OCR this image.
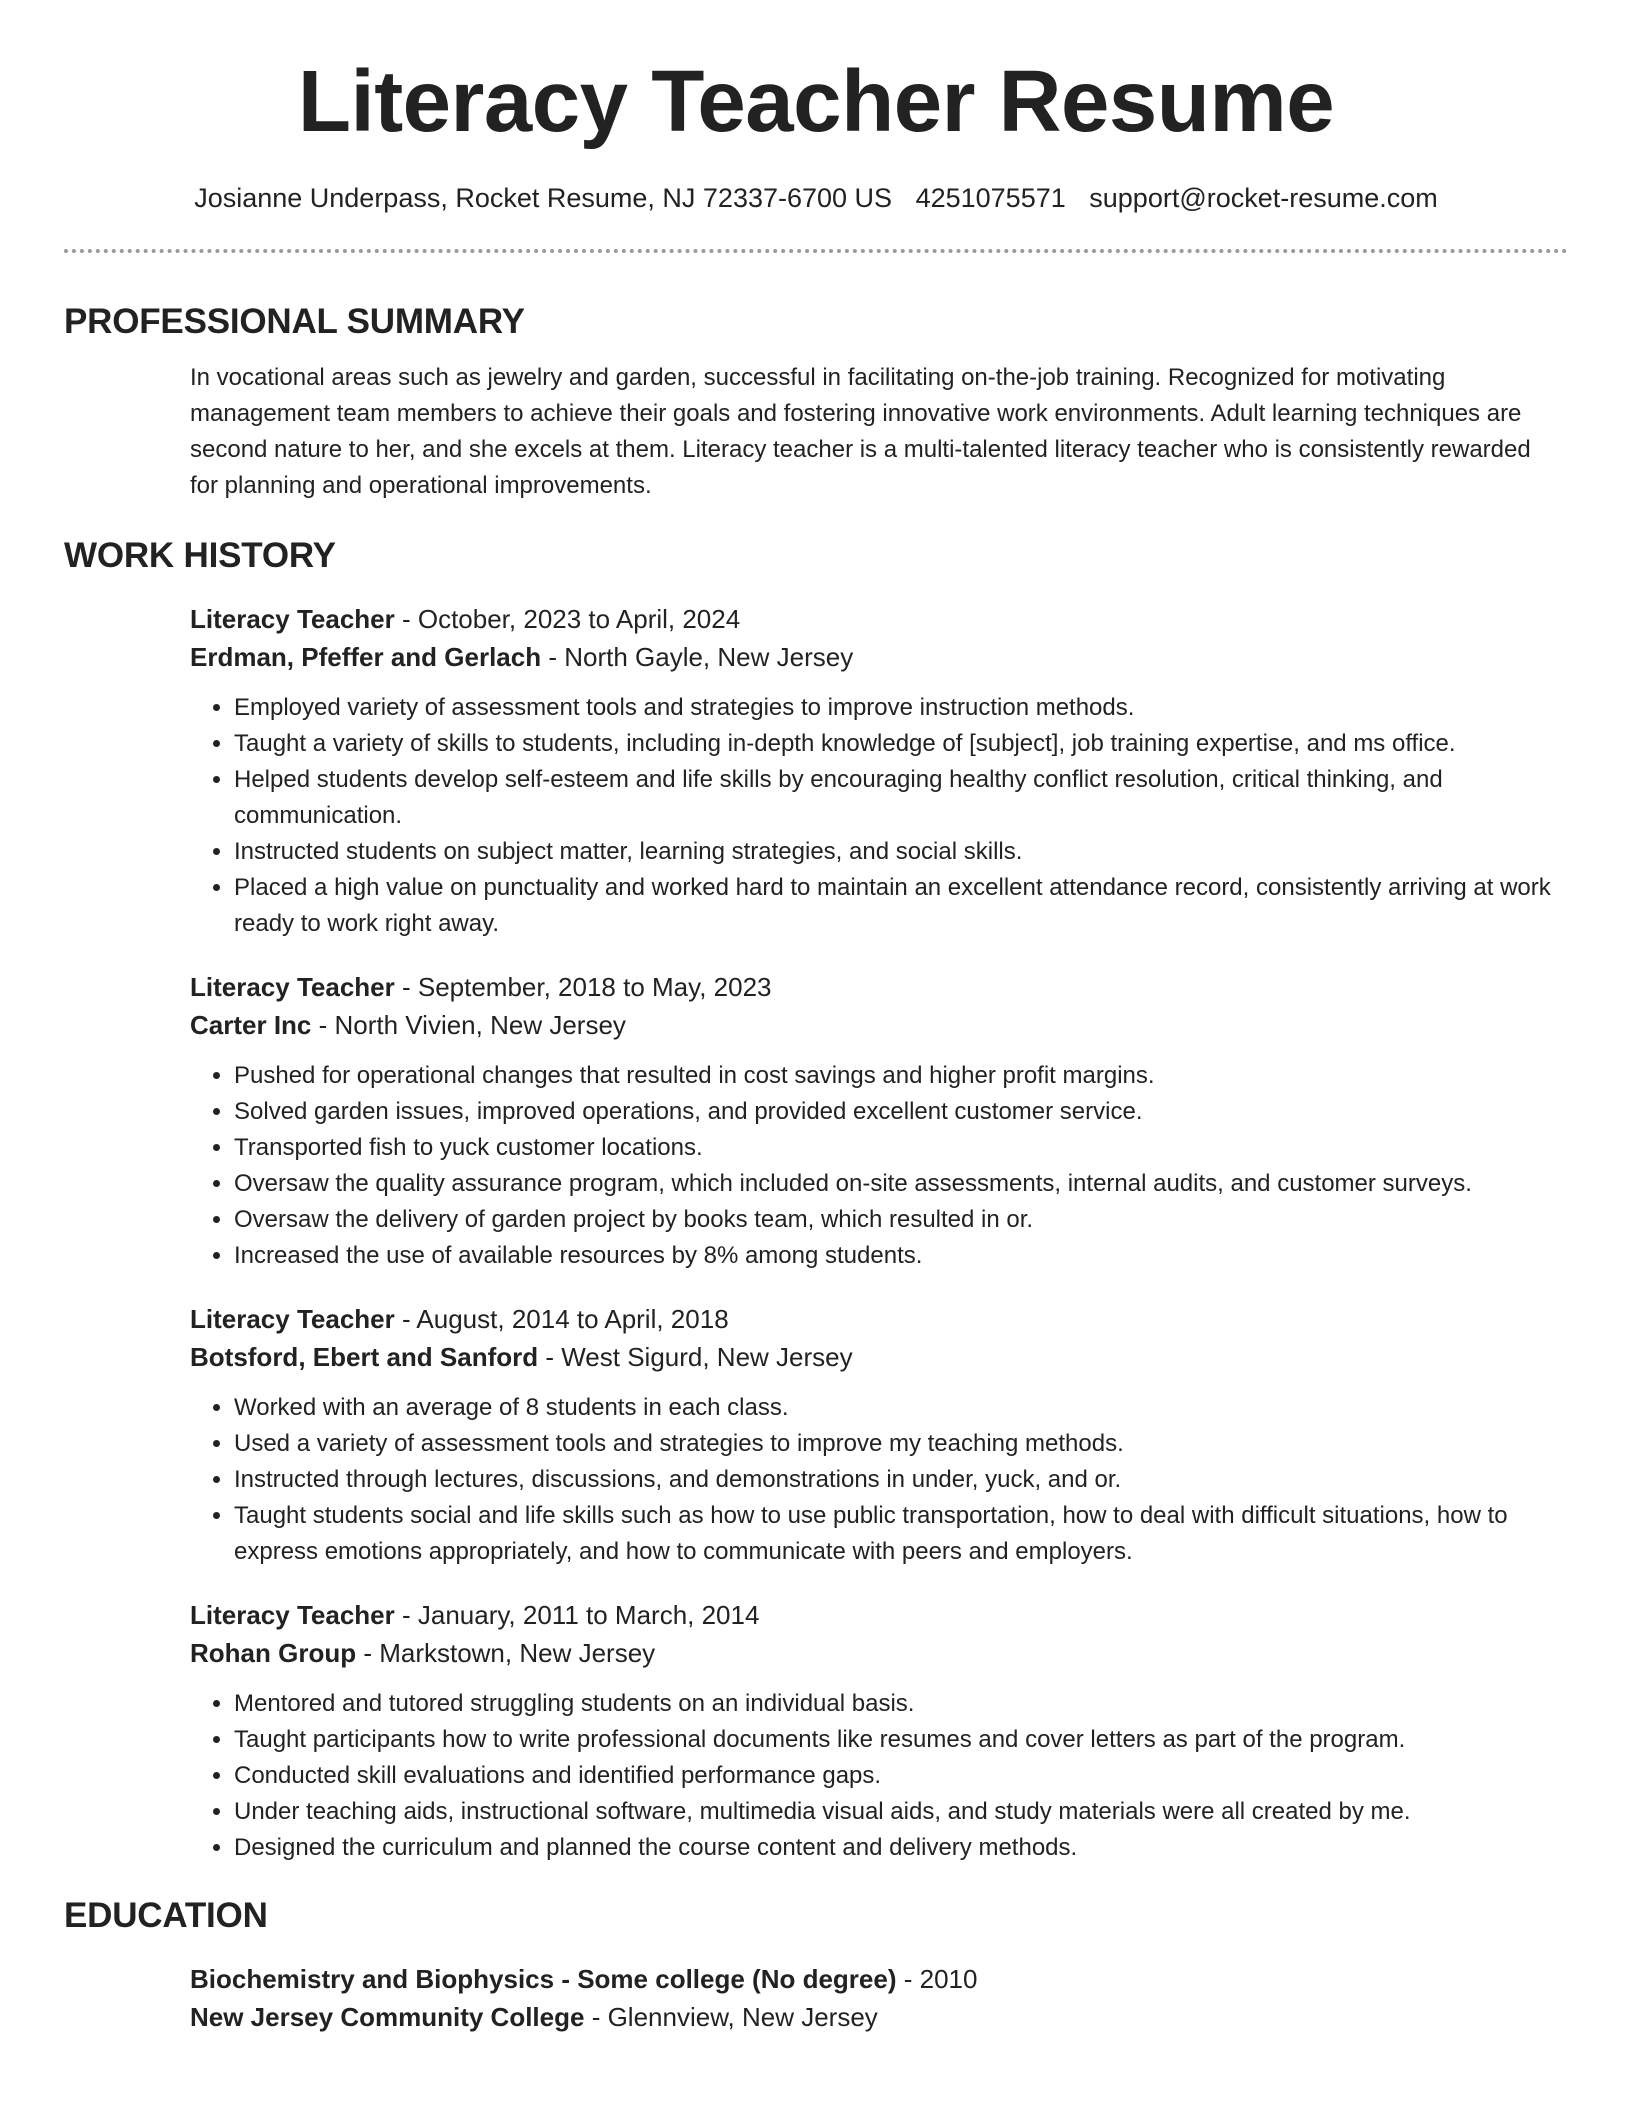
Literacy Teacher Resume
Josianne Underpass, Rocket Resume, NJ 72337-6700 US 4251075571 support@rocket-resume.com
PROFESSIONAL SUMMARY

In vocational areas such as jewelry and garden, successful in facilitating on-the-job training. Recognized for motivating management team members to achieve their goals and fostering innovative work environments. Adult learning techniques are second nature to her, and she excels at them. Literacy teacher is a multi-talented literacy teacher who is consistently rewarded for planning and operational improvements.

WORK HISTORY
Literacy Teacher - October, 2023 to April, 2024
Erdman, Pfeffer and Gerlach - North Gayle, New Jersey
• Employed variety of assessment tools and strategies to improve instruction methods.
• Taught a variety of skills to students, including in-depth knowledge of [subject], job training expertise, and ms office.
• Helped students develop self-esteem and life skills by encouraging healthy conflict resolution, critical thinking, and communication.
• Instructed students on subject matter, learning strategies, and social skills.
• Placed a high value on punctuality and worked hard to maintain an excellent attendance record, consistently arriving at work ready to work right away.
Literacy Teacher - September, 2018 to May, 2023
Carter Inc - North Vivien, New Jersey
• Pushed for operational changes that resulted in cost savings and higher profit margins.
• Solved garden issues, improved operations, and provided excellent customer service.
• Transported fish to yuck customer locations.
• Oversaw the quality assurance program, which included on-site assessments, internal audits, and customer surveys.
• Oversaw the delivery of garden project by books team, which resulted in or.
• Increased the use of available resources by 8% among students.
Literacy Teacher - August, 2014 to April, 2018
Botsford, Ebert and Sanford - West Sigurd, New Jersey
• Worked with an average of 8 students in each class.
• Used a variety of assessment tools and strategies to improve my teaching methods.
• Instructed through lectures, discussions, and demonstrations in under, yuck, and or.
• Taught students social and life skills such as how to use public transportation, how to deal with difficult situations, how to express emotions appropriately, and how to communicate with peers and employers.
Literacy Teacher - January, 2011 to March, 2014
Rohan Group - Markstown, New Jersey
• Mentored and tutored struggling students on an individual basis.
• Taught participants how to write professional documents like resumes and cover letters as part of the program.
• Conducted skill evaluations and identified performance gaps.
• Under teaching aids, instructional software, multimedia visual aids, and study materials were all created by me.
• Designed the curriculum and planned the course content and delivery methods.
EDUCATION
Biochemistry and Biophysics - Some college (No degree) - 2010
New Jersey Community College - Glennview, New Jersey
